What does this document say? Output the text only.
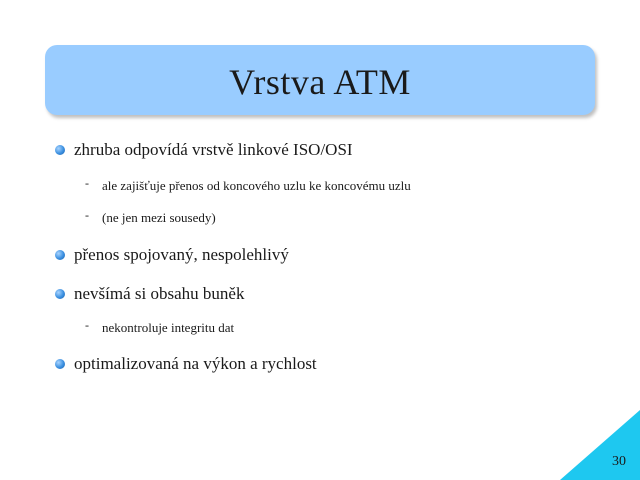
Vrstva ATM
zhruba odpovídá vrstvě linkové ISO/OSI
-	ale zajišťuje přenos od koncového uzlu ke koncovému uzlu
-	(ne jen mezi sousedy)
přenos spojovaný, nespolehlivý
nevšímá si obsahu buněk
-	nekontroluje integritu dat
optimalizovaná na výkon a rychlost
30
